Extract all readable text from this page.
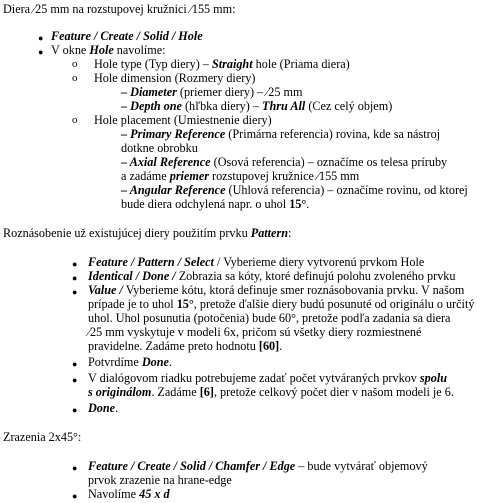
Diera ∕25 mm na rozstupovej kružnici ∕155 mm:
● Feature / Create / Solid / Hole
● V okne Hole navolíme:
o Hole type (Typ diery) – Straight hole (Priama diera)
o Hole dimension (Rozmery diery)
– Diameter (priemer diery) – ∕25 mm
– Depth one (hľbka diery) – Thru All (Cez celý objem)
o Hole placement (Umiestnenie diery)
– Primary Reference (Primárna referencia) rovina, kde sa nástroj
dotkne obrobku
– Axial Reference (Osová referencia) – označíme os telesa príruby
a zadáme priemer rozstupovej kružnice ∕155 mm
– Angular Reference (Uhlová referencia) – označíme rovinu, od ktorej
bude diera odchylená napr. o uhol 15°.
Roznásobenie už existujúcej diery použitím prvku Pattern:
● Feature / Pattern / Select / Vyberieme diery vytvorenú prvkom Hole
● Identical / Done / Zobrazia sa kóty, ktoré definujú polohu zvoleného prvku
● Value / Vyberieme kótu, ktorá definuje smer roznásobovania prvku. V našom
prípade je to uhol 15°, pretože ďalšie diery budú posunuté od originálu o určitý
uhol. Uhol posunutia (potočenia) bude 60°, pretože podľa zadania sa diera
∕25 mm vyskytuje v modeli 6x, pričom sú všetky diery rozmiestnené
pravidelne. Zadáme preto hodnotu [60].
● Potvrdíme Done.
● V dialógovom riadku potrebujeme zadať počet vytváraných prvkov spolu
s originálom. Zadáme [6], pretože celkový počet dier v našom modeli je 6.
● Done.
Zrazenia 2x45°:
● Feature / Create / Solid / Chamfer / Edge – bude vytvárať objemový
prvok zrazenie na hrane-edge
● Navolíme 45 x d
